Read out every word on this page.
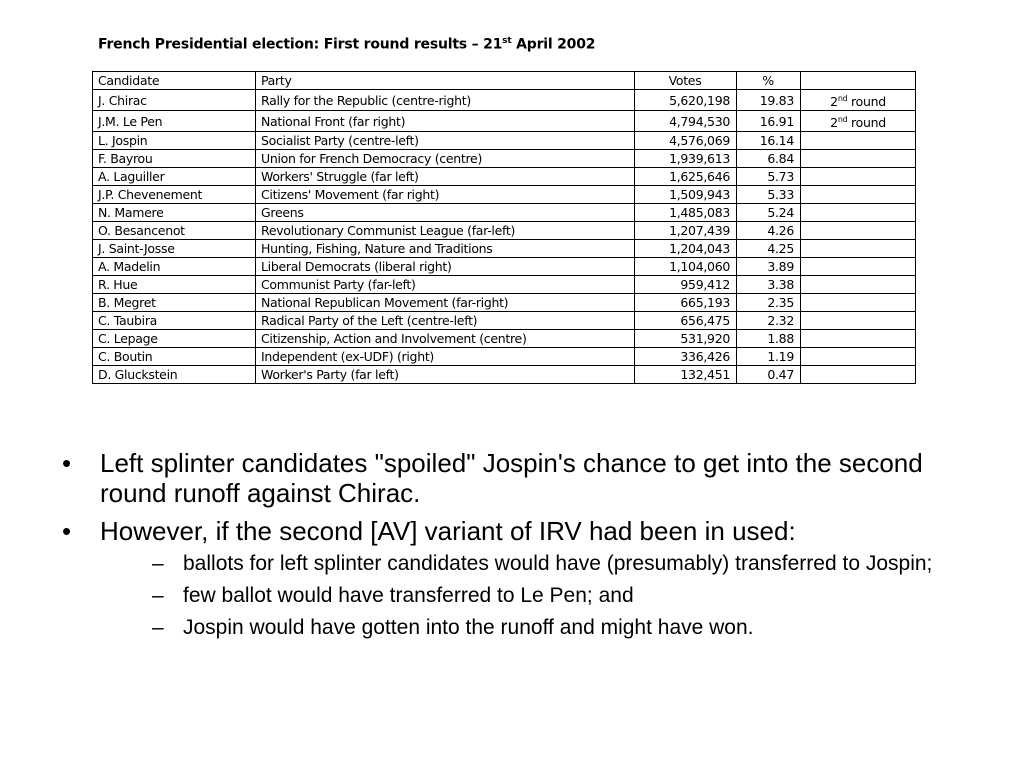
French Presidential election: First round results – 21st April 2002
Candidate	Party	Votes	%	
J. Chirac	Rally for the Republic (centre-right)	5,620,198	19.83	2nd round
J.M. Le Pen	National Front (far right)	4,794,530	16.91	2nd round
L. Jospin	Socialist Party (centre-left)	4,576,069	16.14	
F. Bayrou	Union for French Democracy (centre)	1,939,613	6.84	
A. Laguiller	Workers' Struggle (far left)	1,625,646	5.73	
J.P. Chevenement	Citizens' Movement (far right)	1,509,943	5.33	
N. Mamere	Greens	1,485,083	5.24	
O. Besancenot	Revolutionary Communist League (far-left)	1,207,439	4.26	
J. Saint-Josse	Hunting, Fishing, Nature and Traditions	1,204,043	4.25	
A. Madelin	Liberal Democrats (liberal right)	1,104,060	3.89	
R. Hue	Communist Party (far-left)	959,412	3.38	
B. Megret	National Republican Movement (far-right)	665,193	2.35	
C. Taubira	Radical Party of the Left (centre-left)	656,475	2.32	
C. Lepage	Citizenship, Action and Involvement (centre)	531,920	1.88	
C. Boutin	Independent (ex-UDF) (right)	336,426	1.19	
D. Gluckstein	Worker's Party (far left)	132,451	0.47	
•	Left splinter candidates "spoiled" Jospin's chance to get into the second round runoff against Chirac.
•	However, if the second [AV] variant of IRV had been in used:
– ballots for left splinter candidates would have (presumably) transferred to Jospin;
– few ballot would have transferred to Le Pen; and
– Jospin would have gotten into the runoff and might have won.
